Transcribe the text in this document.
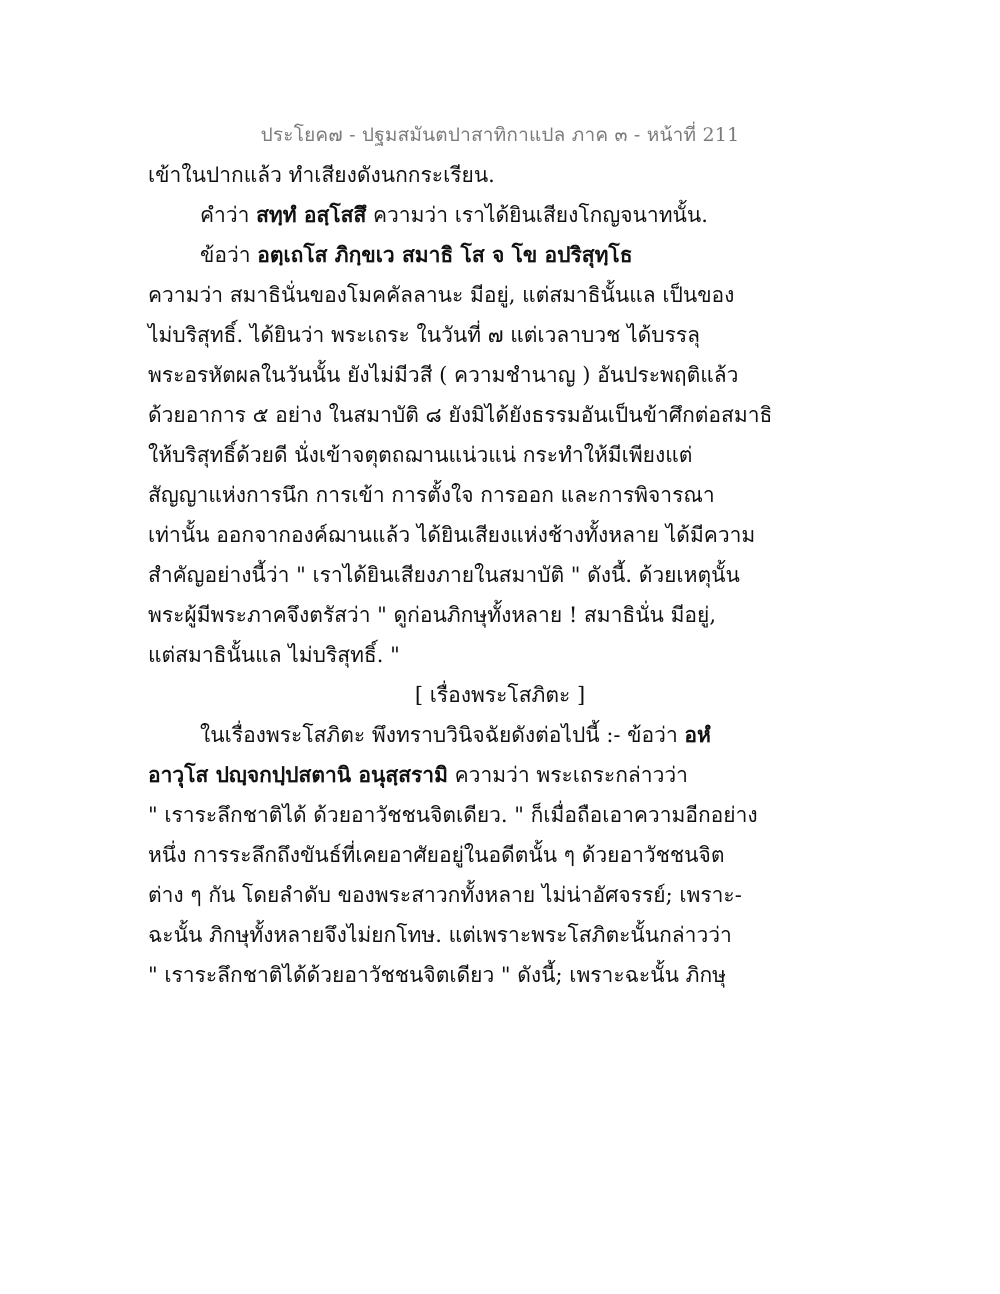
ประโยค๗ - ปฐมสมันตปาสาทิกาแปล ภาค ๓ - หน้าที่ 211
เข้าในปากแล้ว ทำเสียงดังนกกระเรียน.
คำว่า สทฺทํ อสฺโสสึ ความว่า เราได้ยินเสียงโกญจนาทนั้น.
ข้อว่า อตฺเถโส ภิกฺขเว สมาธิ โส จ โข อปริสุทฺโธ
ความว่า สมาธินั่นของโมคคัลลานะ มีอยู่, แต่สมาธินั้นแล เป็นของ
ไม่บริสุทธิ์. ได้ยินว่า พระเถระ ในวันที่ ๗ แต่เวลาบวช ได้บรรลุ
พระอรหัตผลในวันนั้น ยังไม่มีวสี ( ความชำนาญ ) อันประพฤติแล้ว
ด้วยอาการ ๕ อย่าง ในสมาบัติ ๘ ยังมิได้ยังธรรมอันเป็นข้าศึกต่อสมาธิ
ให้บริสุทธิ์ด้วยดี นั่งเข้าจตุตถฌานแน่วแน่ กระทำให้มีเพียงแต่
สัญญาแห่งการนึก การเข้า การตั้งใจ การออก และการพิจารณา
เท่านั้น ออกจากองค์ฌานแล้ว ได้ยินเสียงแห่งช้างทั้งหลาย ได้มีความ
สำคัญอย่างนี้ว่า " เราได้ยินเสียงภายในสมาบัติ " ดังนี้. ด้วยเหตุนั้น
พระผู้มีพระภาคจึงตรัสว่า " ดูก่อนภิกษุทั้งหลาย ! สมาธินั่น มีอยู่,
แต่สมาธินั้นแล ไม่บริสุทธิ์. "
[ เรื่องพระโสภิตะ ]
ในเรื่องพระโสภิตะ พึงทราบวินิจฉัยดังต่อไปนี้ :- ข้อว่า อหํ
อาวุโส ปญฺจกปฺปสตานิ อนุสฺสรามิ ความว่า พระเถระกล่าวว่า
" เราระลึกชาติได้ ด้วยอาวัชชนจิตเดียว. " ก็เมื่อถือเอาความอีกอย่าง
หนึ่ง การระลึกถึงขันธ์ที่เคยอาศัยอยู่ในอดีตนั้น ๆ ด้วยอาวัชชนจิต
ต่าง ๆ กัน โดยลำดับ ของพระสาวกทั้งหลาย ไม่น่าอัศจรรย์; เพราะ-
ฉะนั้น ภิกษุทั้งหลายจึงไม่ยกโทษ. แต่เพราะพระโสภิตะนั้นกล่าวว่า
" เราระลึกชาติได้ด้วยอาวัชชนจิตเดียว " ดังนี้; เพราะฉะนั้น ภิกษุ
